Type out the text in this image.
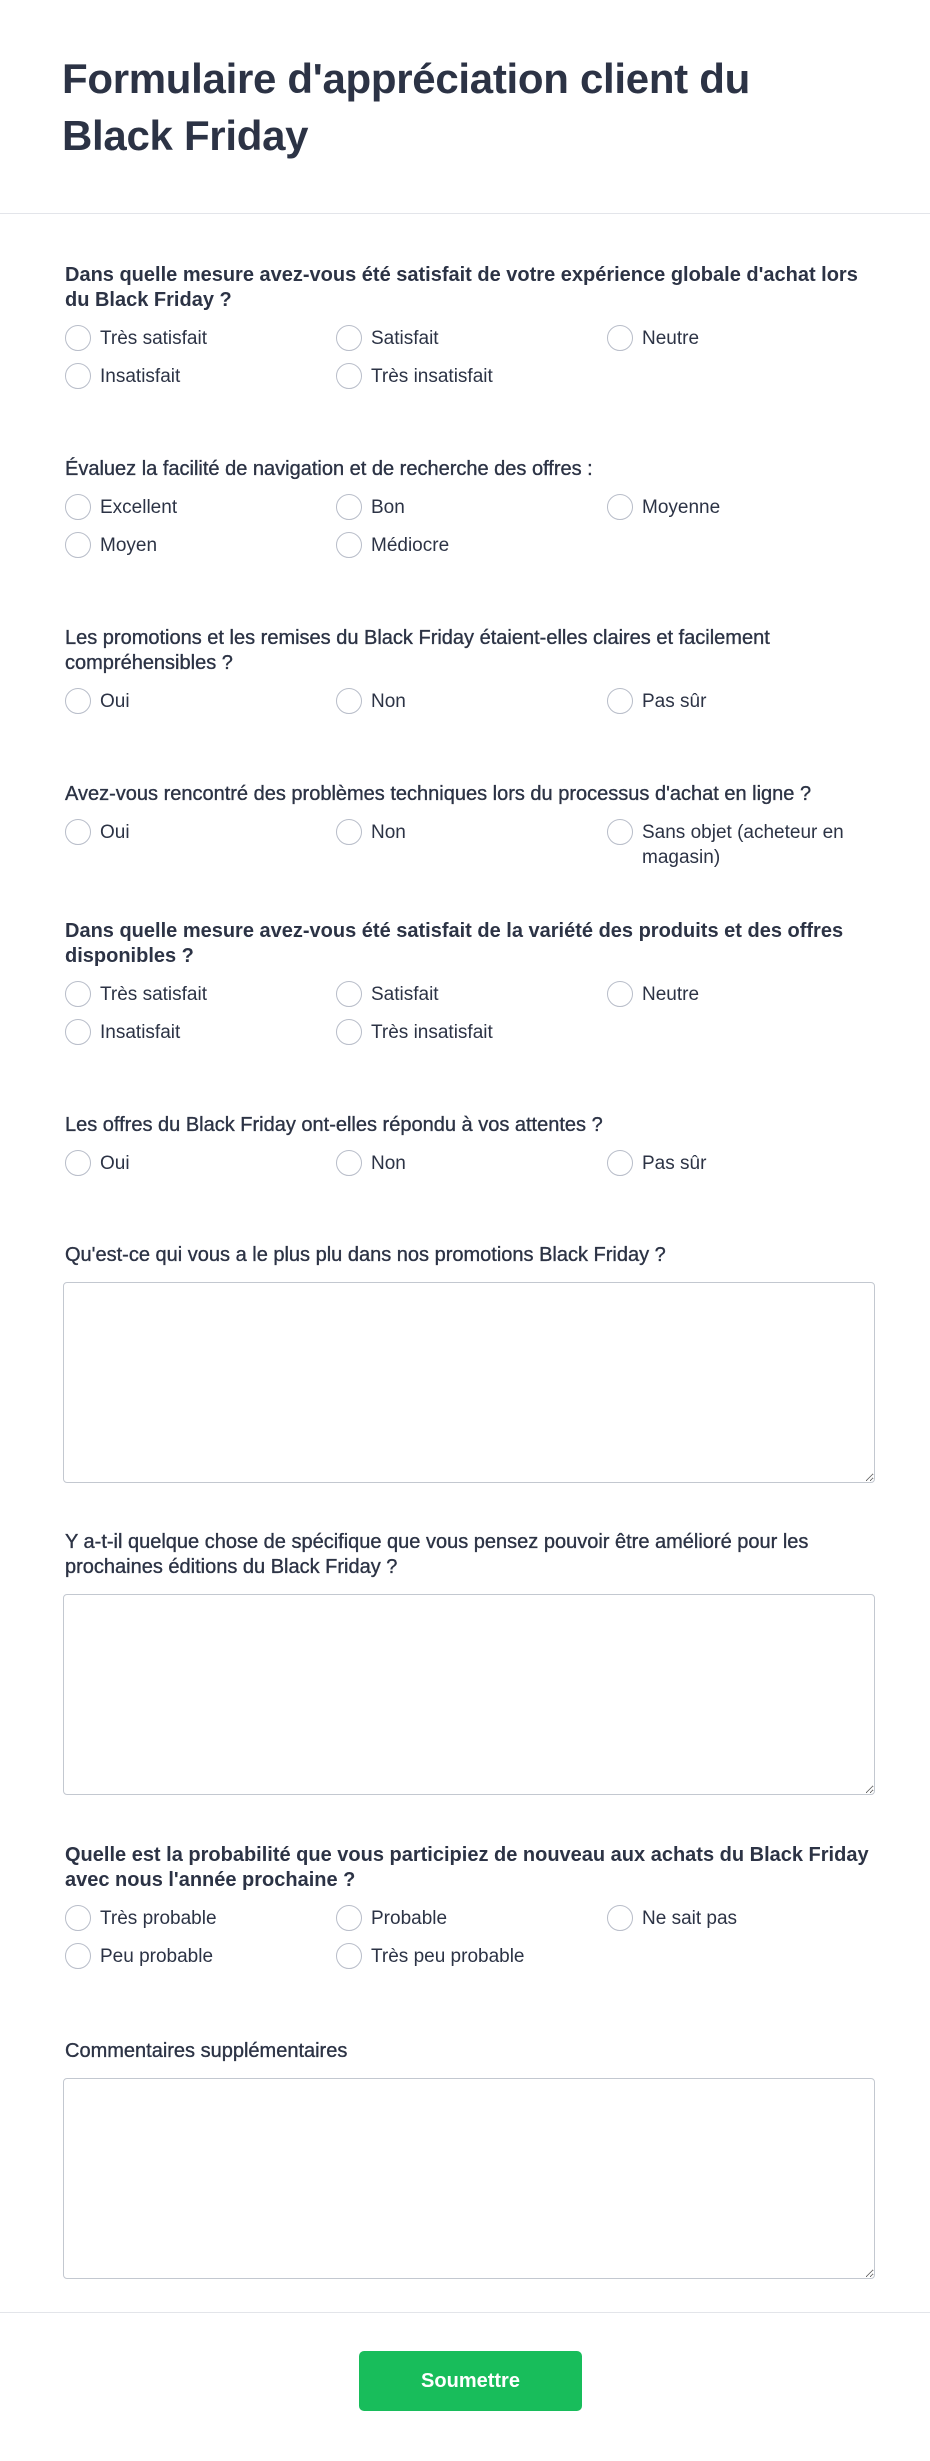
Formulaire d'appréciation client du Black Friday
Dans quelle mesure avez-vous été satisfait de votre expérience globale d'achat lors du Black Friday ?
Très satisfait	Satisfait	Neutre
Insatisfait	Très insatisfait
Évaluez la facilité de navigation et de recherche des offres :
Excellent	Bon	Moyenne
Moyen	Médiocre
Les promotions et les remises du Black Friday étaient-elles claires et facilement compréhensibles ?
Oui	Non	Pas sûr
Avez-vous rencontré des problèmes techniques lors du processus d'achat en ligne ?
Oui	Non	Sans objet (acheteur en magasin)
Dans quelle mesure avez-vous été satisfait de la variété des produits et des offres disponibles ?
Très satisfait	Satisfait	Neutre
Insatisfait	Très insatisfait
Les offres du Black Friday ont-elles répondu à vos attentes ?
Oui	Non	Pas sûr
Qu'est-ce qui vous a le plus plu dans nos promotions Black Friday ?
Y a-t-il quelque chose de spécifique que vous pensez pouvoir être amélioré pour les prochaines éditions du Black Friday ?
Quelle est la probabilité que vous participiez de nouveau aux achats du Black Friday avec nous l'année prochaine ?
Très probable	Probable	Ne sait pas
Peu probable	Très peu probable
Commentaires supplémentaires
Soumettre
